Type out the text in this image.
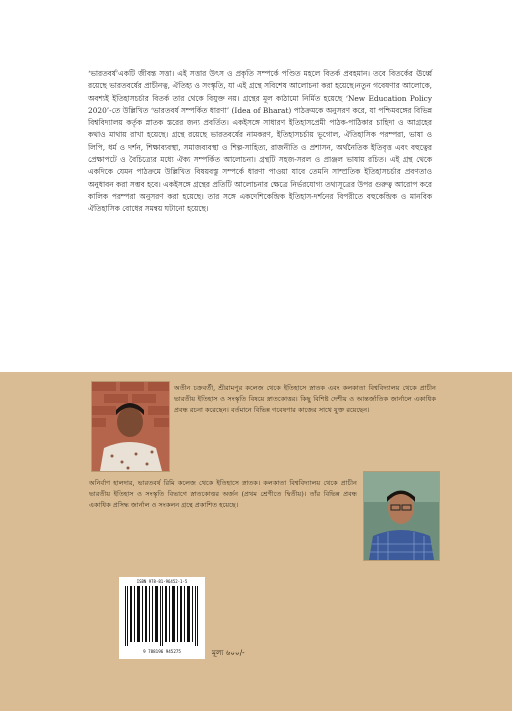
‘ভারতবর্ষ’একটি জীবন্ত সত্তা। এই সত্তার উৎস ও প্রকৃতি সম্পর্কে পণ্ডিত মহলে বিতর্ক প্রবহমান। তবে বিতর্কের ঊর্ধ্বে রয়েছে ভারতবর্ষের প্রাচীনত্ব, ঐতিহ্য ও সংস্কৃতি, যা এই গ্রন্থে সবিশেষ আলোচনা করা হয়েছে।নতুন গবেষণার আলোকে, অবশ্যই ইতিহাসচর্চার বিতর্ক তার থেকে বিযুক্ত নয়। গ্রন্থের মূল কাঠামো নির্মিত হয়েছে ‘New Education Policy 2020’-তে উল্লিখিত ‘ভারতবর্ষ সম্পর্কিত ধারণা’ (Idea of Bharat) পাঠক্রমকে অনুসরণ করে, যা পশ্চিমবঙ্গের বিভিন্ন বিশ্ববিদ্যালয় কর্তৃক স্নাতক স্তরের জন্য প্রবর্তিত। একইসঙ্গে সাধারণ ইতিহাসপ্রেমী পাঠক-পাঠিকার চাহিদা ও আগ্রহের কথাও মাথায় রাখা হয়েছে। গ্রন্থে রয়েছে ভারতবর্ষের নামকরণ, ইতিহাসচর্চায় ভূগোল, ঐতিহাসিক পরম্পরা, ভাষা ও লিপি, ধর্ম ও দর্শন, শিক্ষাব্যবস্থা, সমাজব্যবস্থা ও শিল্প-সাহিত্য, রাজনীতি ও প্রশাসন, অর্থনৈতিক ইতিবৃত্ত এবং বহুত্বের প্রেক্ষাপটে ও বৈচিত্র্যের মধ্যে ঐক্য সম্পর্কিত আলোচনা। গ্রন্থটি সহজ-সরল ও প্রাঞ্জল ভাষায় রচিত। এই গ্রন্থ থেকে একদিকে যেমন পাঠক্রমে উল্লিখিত বিষয়বস্তু সম্পর্কে ধারণা পাওয়া যাবে তেমনি সাম্প্রতিক ইতিহাসচর্চার প্রবণতাও অনুধাবন করা সম্ভব হবে। একইসঙ্গে গ্রন্থের প্রতিটি আলোচনার ক্ষেত্রে নির্ভরযোগ্য তথ্যসূত্রের উপর গুরুত্ব আরোপ করে কালিক পরম্পরা অনুসরণ করা হয়েছে। তার সঙ্গে একদেশিকেন্দ্রিক ইতিহাস-দর্শনের বিপরীতে বহুকেন্দ্রিক ও মানবিক ঐতিহাসিক বোধের সমন্বয় ঘটানো হয়েছে।

অতীন চক্রবর্তী, শ্রীরামপুর কলেজ থেকে ইতিহাসে স্নাতক এবং কলকাতা বিশ্ববিদ্যালয় থেকে প্রাচীন ভারতীয় ইতিহাস ও সংস্কৃতি বিষয়ে স্নাতকোত্তর। কিছু বিশিষ্ট দেশীয় ও আন্তর্জাতিক জার্নালে একাধিক প্রবন্ধ রচনা করেছেন। বর্তমানে বিভিন্ন গবেষণার কাজের সাথে যুক্ত রয়েছেন।

অনির্বাণ হালদার, ভারতবর্ষ রিমি কলেজ থেকে ইতিহাসে স্নাতক। কলকাতা বিশ্ববিদ্যালয় থেকে প্রাচীন ভারতীয় ইতিহাস ও সংস্কৃতি বিভাগে স্নাতকোত্তর অর্জন (প্রথম শ্রেণীতে দ্বিতীয়)। তাঁর বিভিন্ন প্রবন্ধ একাধিক প্রসিদ্ধ জার্নাল ও সংকলন গ্রন্থে প্রকাশিত হয়েছে।

ISBN 978-81-96452-1-5
9 788196 945275	মূল্য ৬০০/-
